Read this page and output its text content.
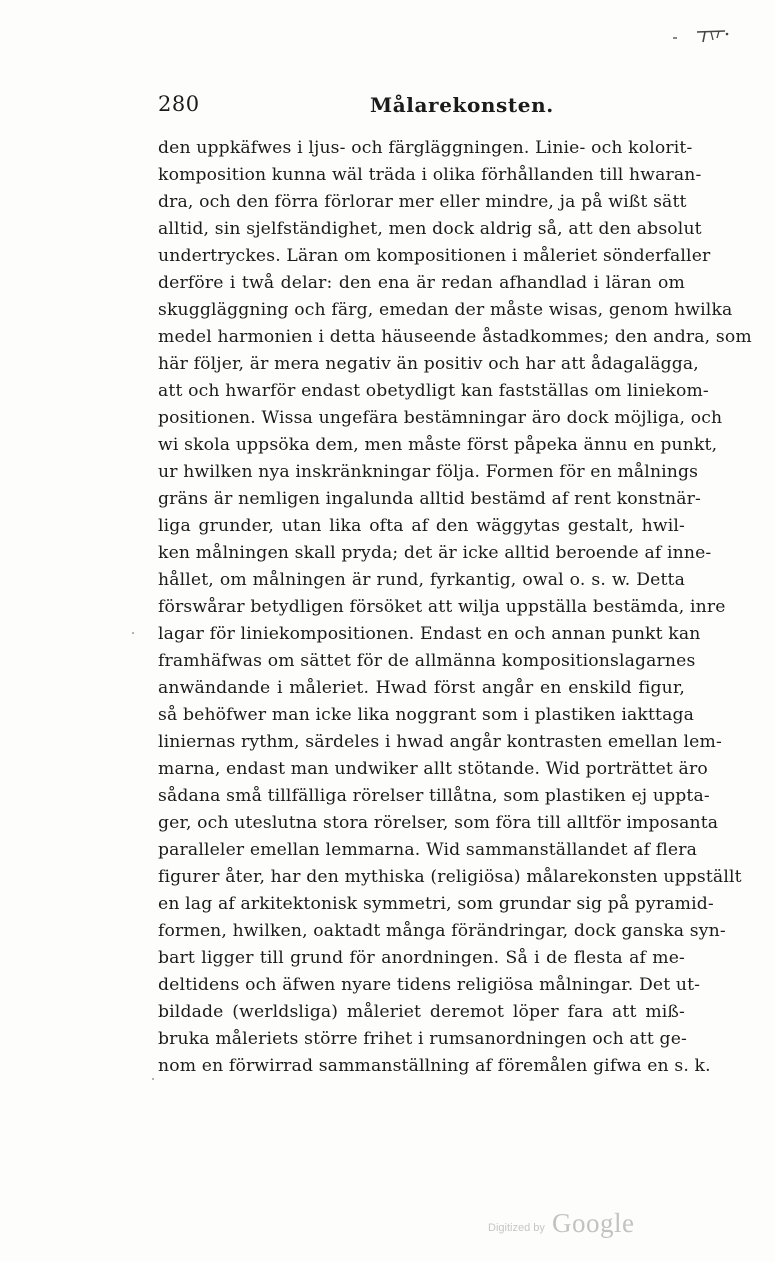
280	Målarekonsten.
den uppkäfwes i ljus- och färgläggningen. Linie- och kolorit-
komposition kunna wäl träda i olika förhållanden till hwaran-
dra, och den förra förlorar mer eller mindre, ja på wißt sätt
alltid, sin sjelfständighet, men dock aldrig så, att den absolut
undertryckes. Läran om kompositionen i måleriet sönderfaller
derföre i twå delar: den ena är redan afhandlad i läran om
skuggläggning och färg, emedan der måste wisas, genom hwilka
medel harmonien i detta häuseende åstadkommes; den andra, som
här följer, är mera negativ än positiv och har att ådagalägga,
att och hwarför endast obetydligt kan fastställas om liniekom-
positionen. Wissa ungefära bestämningar äro dock möjliga, och
wi skola uppsöka dem, men måste först påpeka ännu en punkt,
ur hwilken nya inskränkningar följa. Formen för en målnings
gräns är nemligen ingalunda alltid bestämd af rent konstnär-
liga grunder, utan lika ofta af den wäggytas gestalt, hwil-
ken målningen skall pryda; det är icke alltid beroende af inne-
hållet, om målningen är rund, fyrkantig, owal o. s. w. Detta
förswårar betydligen försöket att wilja uppställa bestämda, inre
lagar för liniekompositionen. Endast en och annan punkt kan
framhäfwas om sättet för de allmänna kompositionslagarnes
anwändande i måleriet. Hwad först angår en enskild figur,
så behöfwer man icke lika noggrant som i plastiken iakttaga
liniernas rythm, särdeles i hwad angår kontrasten emellan lem-
marna, endast man undwiker allt stötande. Wid porträttet äro
sådana små tillfälliga rörelser tillåtna, som plastiken ej uppta-
ger, och uteslutna stora rörelser, som föra till alltför imposanta
paralleler emellan lemmarna. Wid sammanställandet af flera
figurer åter, har den mythiska (religiösa) målarekonsten uppställt
en lag af arkitektonisk symmetri, som grundar sig på pyramid-
formen, hwilken, oaktadt många förändringar, dock ganska syn-
bart ligger till grund för anordningen. Så i de flesta af me-
deltidens och äfwen nyare tidens religiösa målningar. Det ut-
bildade (werldsliga) måleriet deremot löper fara att miß-
bruka måleriets större frihet i rumsanordningen och att ge-
nom en förwirrad sammanställning af föremålen gifwa en s. k.
Digitized by Google
